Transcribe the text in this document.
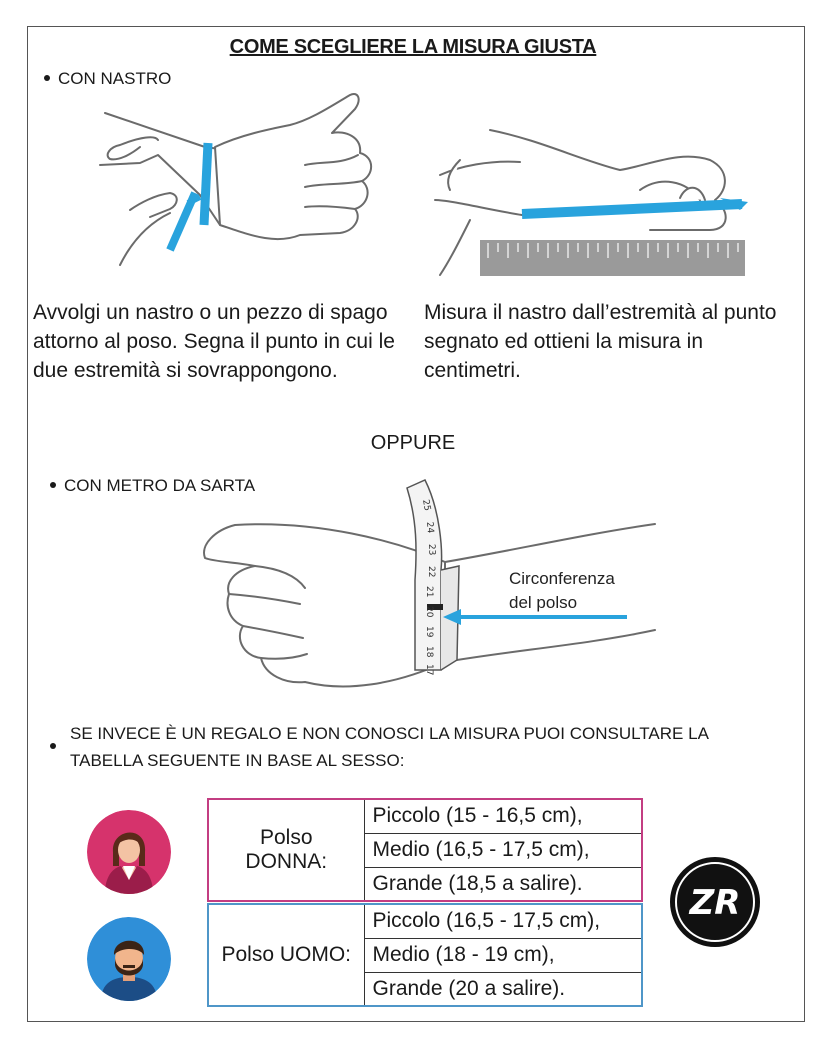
COME SCEGLIERE LA MISURA GIUSTA
CON NASTRO
Avvolgi un nastro o un pezzo di spago attorno al poso. Segna il punto in cui le due estremità si sovrappongono.
Misura il nastro dall’estremità al punto segnato ed ottieni la misura in centimetri.
OPPURE
CON METRO DA SARTA
25
24
23
22
21
20
19
18
17
Circonferenza
del polso
SE INVECE È UN REGALO E NON CONOSCI LA MISURA PUOI CONSULTARE LA TABELLA SEGUENTE IN BASE AL SESSO:
Polso DONNA:	Piccolo (15 - 16,5 cm),
Medio (16,5 - 17,5 cm),
Grande (18,5 a salire).
Polso UOMO:	Piccolo (16,5 - 17,5 cm),
Medio (18 - 19 cm),
Grande (20 a salire).
ZR
